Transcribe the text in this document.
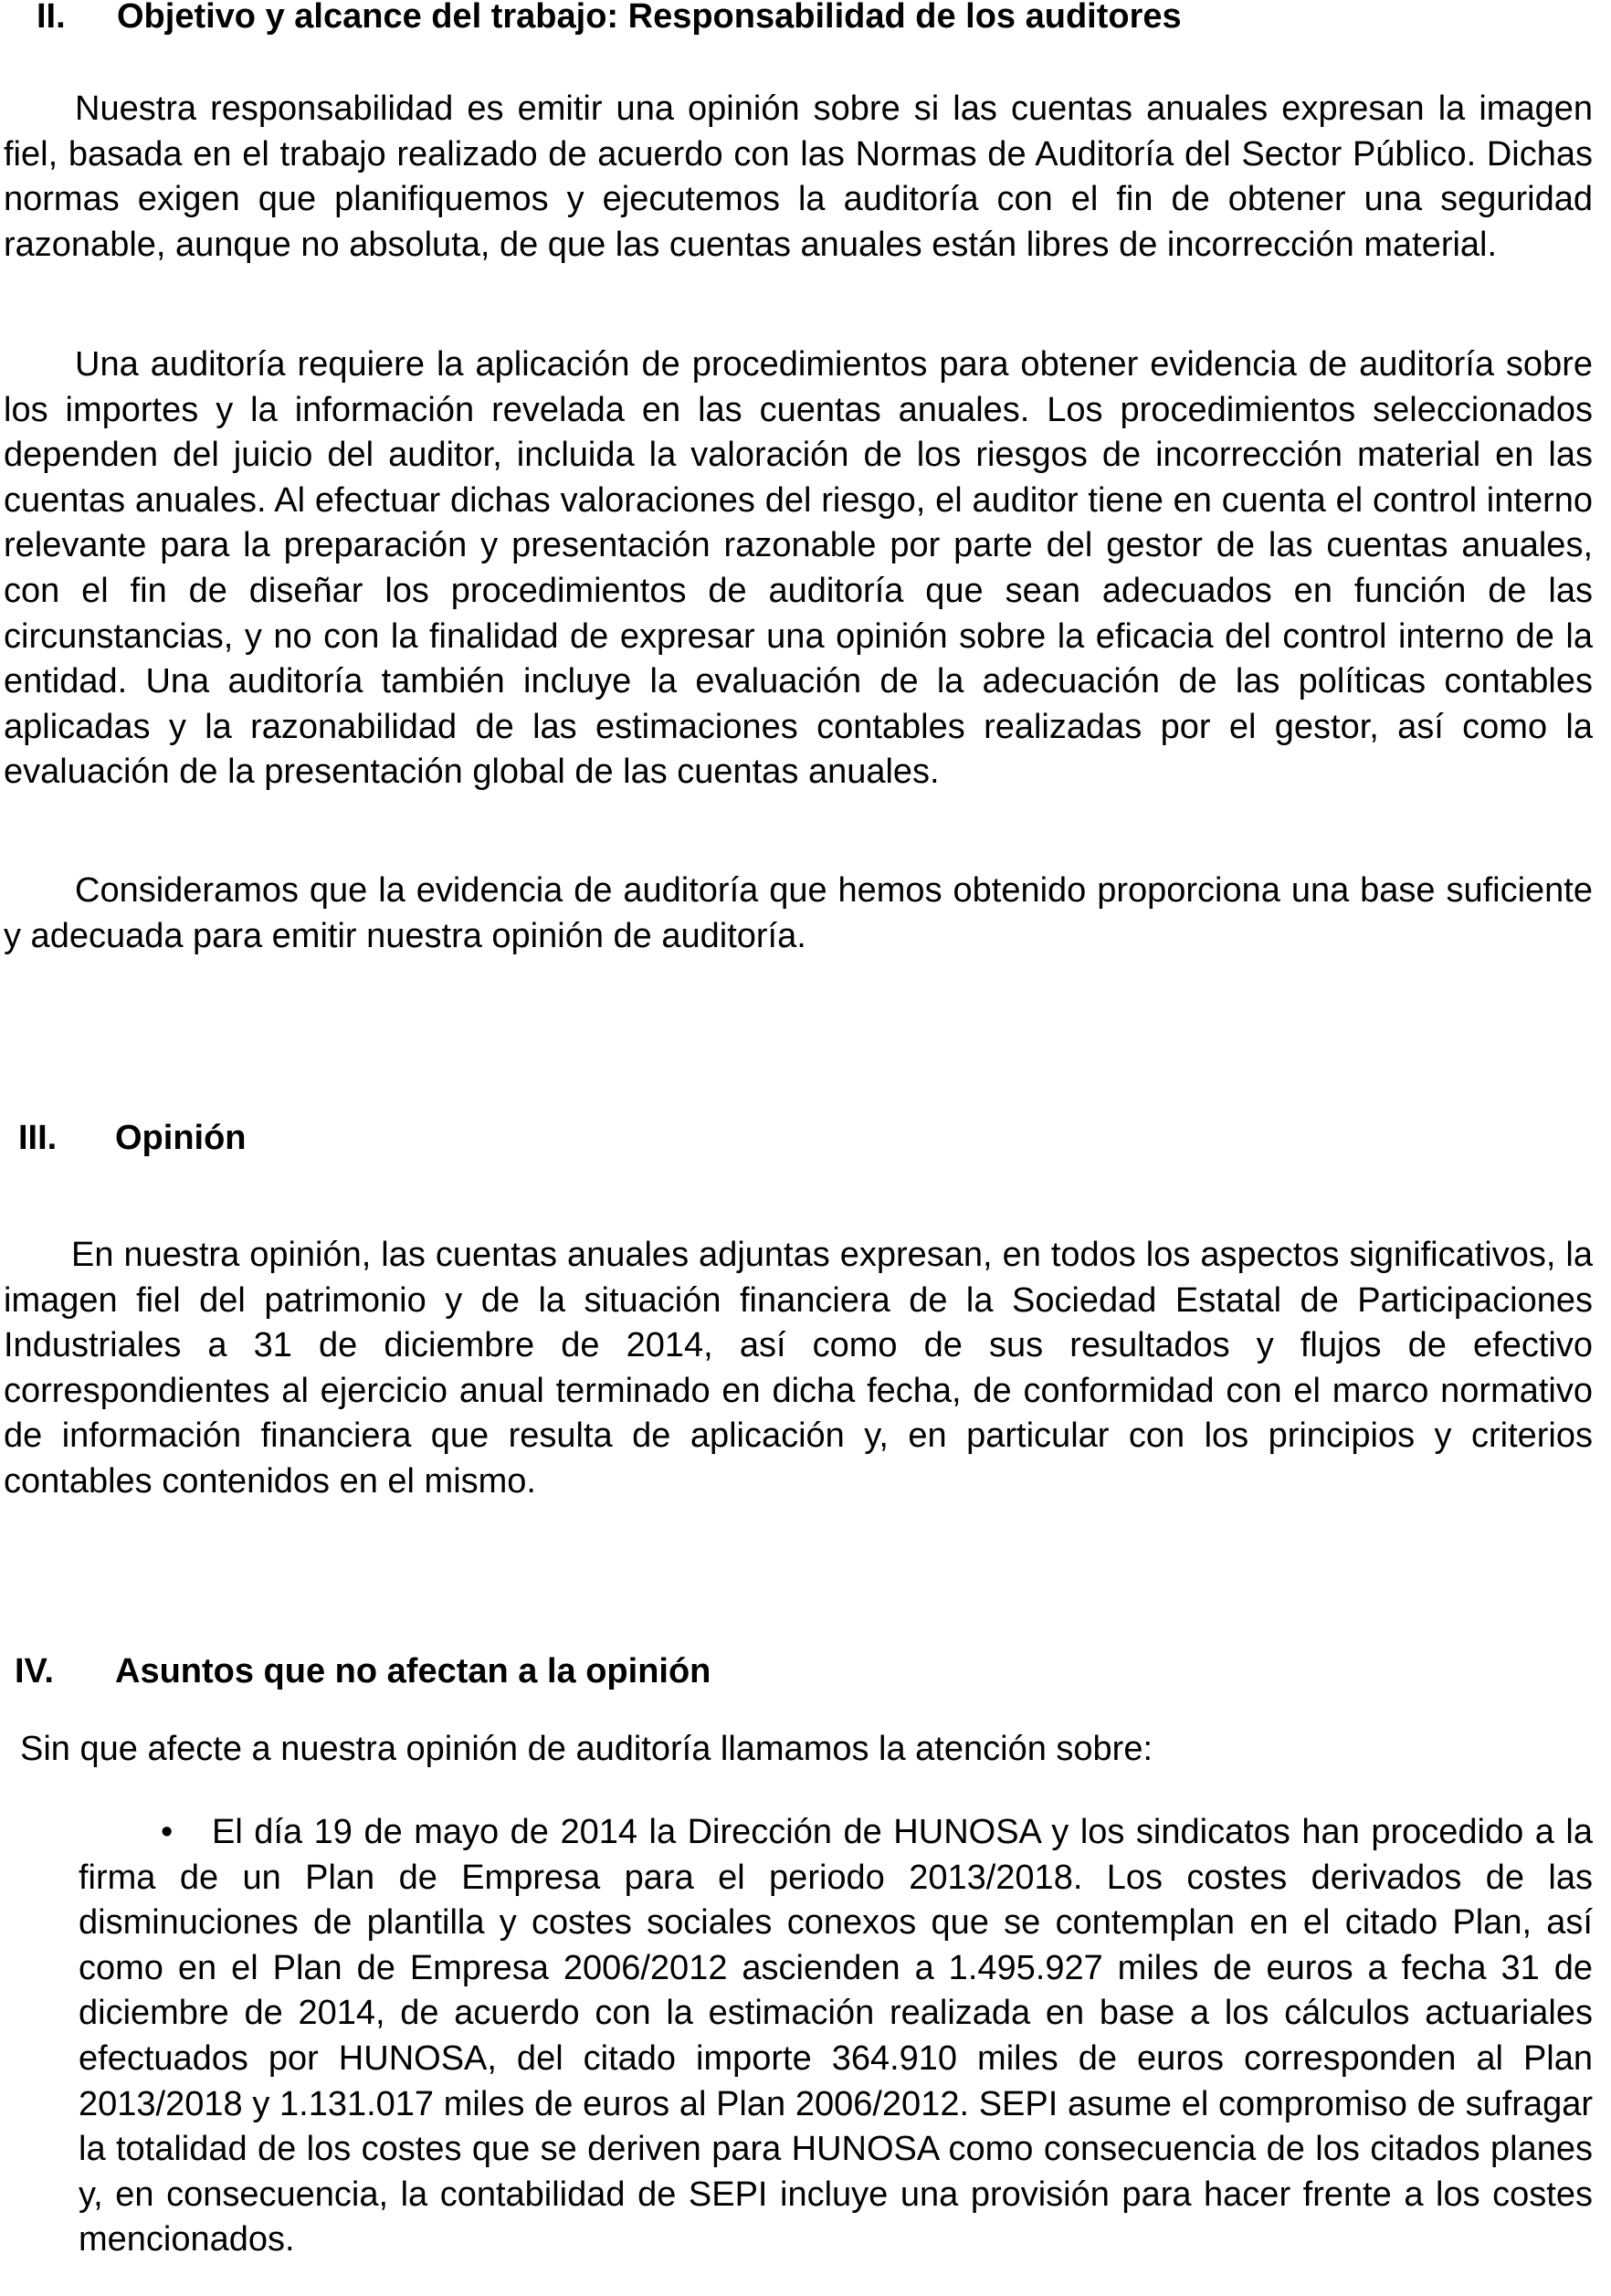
II. Objetivo y alcance del trabajo: Responsabilidad de los auditores

Nuestra responsabilidad es emitir una opinión sobre si las cuentas anuales expresan la imagen fiel, basada en el trabajo realizado de acuerdo con las Normas de Auditoría del Sector Público. Dichas normas exigen que planifiquemos y ejecutemos la auditoría con el fin de obtener una seguridad razonable, aunque no absoluta, de que las cuentas anuales están libres de incorrección material.

Una auditoría requiere la aplicación de procedimientos para obtener evidencia de auditoría sobre los importes y la información revelada en las cuentas anuales. Los procedimientos seleccionados dependen del juicio del auditor, incluida la valoración de los riesgos de incorrección material en las cuentas anuales. Al efectuar dichas valoraciones del riesgo, el auditor tiene en cuenta el control interno relevante para la preparación y presentación razonable por parte del gestor de las cuentas anuales, con el fin de diseñar los procedimientos de auditoría que sean adecuados en función de las circunstancias, y no con la finalidad de expresar una opinión sobre la eficacia del control interno de la entidad. Una auditoría también incluye la evaluación de la adecuación de las políticas contables aplicadas y la razonabilidad de las estimaciones contables realizadas por el gestor, así como la evaluación de la presentación global de las cuentas anuales.

Consideramos que la evidencia de auditoría que hemos obtenido proporciona una base suficiente y adecuada para emitir nuestra opinión de auditoría.

III. Opinión

En nuestra opinión, las cuentas anuales adjuntas expresan, en todos los aspectos significativos, la imagen fiel del patrimonio y de la situación financiera de la Sociedad Estatal de Participaciones Industriales a 31 de diciembre de 2014, así como de sus resultados y flujos de efectivo correspondientes al ejercicio anual terminado en dicha fecha, de conformidad con el marco normativo de información financiera que resulta de aplicación y, en particular con los principios y criterios contables contenidos en el mismo.

IV. Asuntos que no afectan a la opinión

Sin que afecte a nuestra opinión de auditoría llamamos la atención sobre:

• El día 19 de mayo de 2014 la Dirección de HUNOSA y los sindicatos han procedido a la firma de un Plan de Empresa para el periodo 2013/2018. Los costes derivados de las disminuciones de plantilla y costes sociales conexos que se contemplan en el citado Plan, así como en el Plan de Empresa 2006/2012 ascienden a 1.495.927 miles de euros a fecha 31 de diciembre de 2014, de acuerdo con la estimación realizada en base a los cálculos actuariales efectuados por HUNOSA, del citado importe 364.910 miles de euros corresponden al Plan 2013/2018 y 1.131.017 miles de euros al Plan 2006/2012. SEPI asume el compromiso de sufragar la totalidad de los costes que se deriven para HUNOSA como consecuencia de los citados planes y, en consecuencia, la contabilidad de SEPI incluye una provisión para hacer frente a los costes mencionados.
